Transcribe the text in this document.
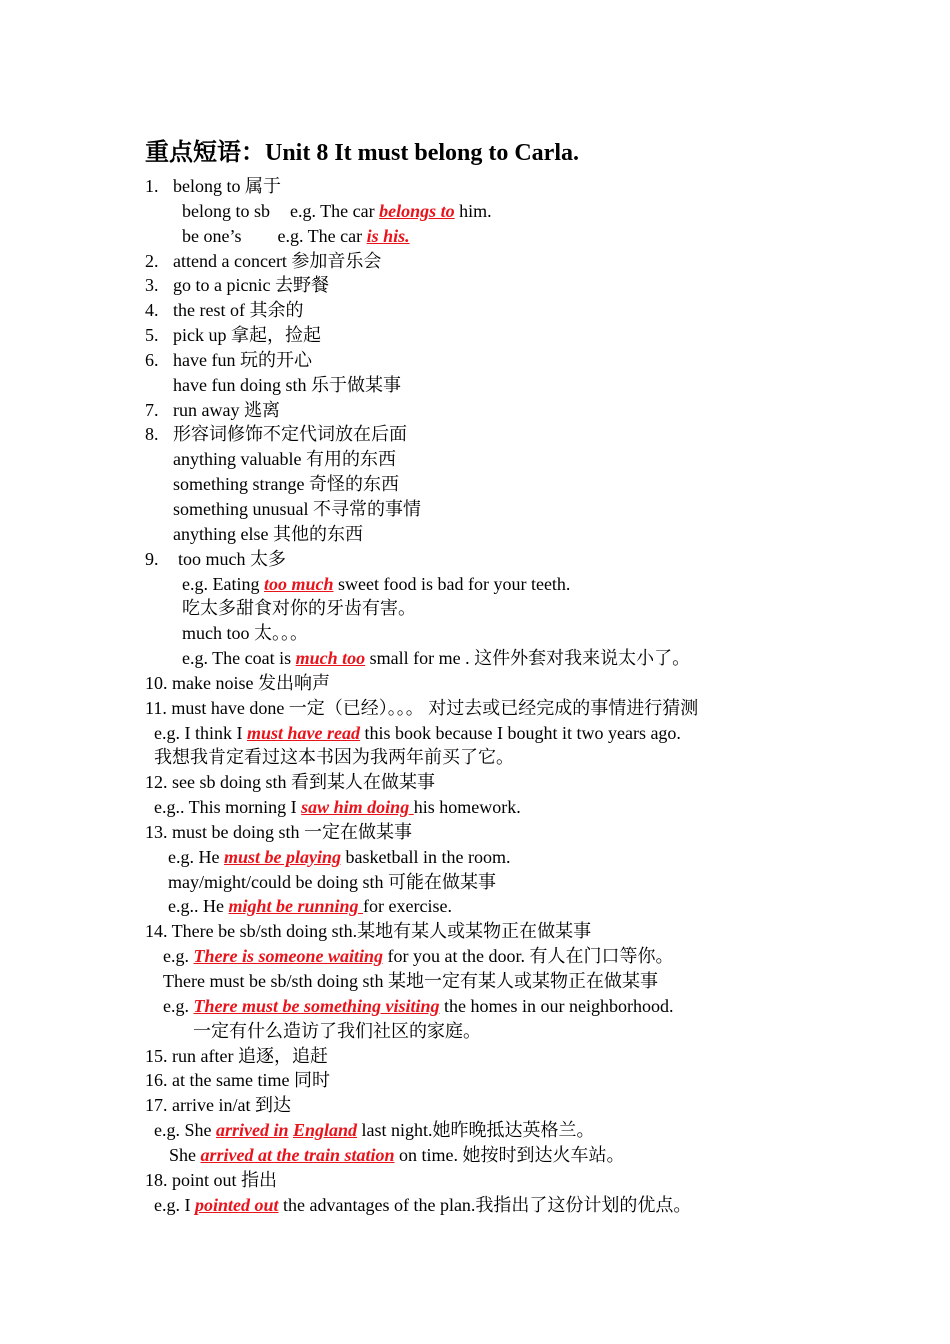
重点短语：Unit 8 It must belong to Carla.
1. belong to 属于
belong to sb e.g. The car belongs to him.
be one’s e.g. The car is his.
2. attend a concert 参加音乐会
3. go to a picnic 去野餐
4. the rest of 其余的
5. pick up 拿起，捡起
6. have fun 玩的开心
have fun doing sth 乐于做某事
7. run away 逃离
8. 形容词修饰不定代词放在后面
anything valuable 有用的东西
something strange 奇怪的东西
something unusual 不寻常的事情
anything else 其他的东西
9. too much 太多
e.g. Eating too much sweet food is bad for your teeth.
吃太多甜食对你的牙齿有害。
much too 太。。。
e.g. The coat is much too small for me . 这件外套对我来说太小了。
10. make noise 发出响声
11. must have done 一定（已经）。。。 对过去或已经完成的事情进行猜测
e.g. I think I must have read this book because I bought it two years ago.
我想我肯定看过这本书因为我两年前买了它。
12. see sb doing sth 看到某人在做某事
e.g.. This morning I saw him doing his homework.
13. must be doing sth 一定在做某事
e.g. He must be playing basketball in the room.
may/might/could be doing sth 可能在做某事
e.g.. He might be running for exercise.
14. There be sb/sth doing sth.某地有某人或某物正在做某事
e.g. There is someone waiting for you at the door. 有人在门口等你。
There must be sb/sth doing sth 某地一定有某人或某物正在做某事
e.g. There must be something visiting the homes in our neighborhood.
一定有什么造访了我们社区的家庭。
15. run after 追逐，追赶
16. at the same time 同时
17. arrive in/at 到达
e.g. She arrived in England last night.她昨晚抵达英格兰。
She arrived at the train station on time. 她按时到达火车站。
18. point out 指出
e.g. I pointed out the advantages of the plan.我指出了这份计划的优点。
